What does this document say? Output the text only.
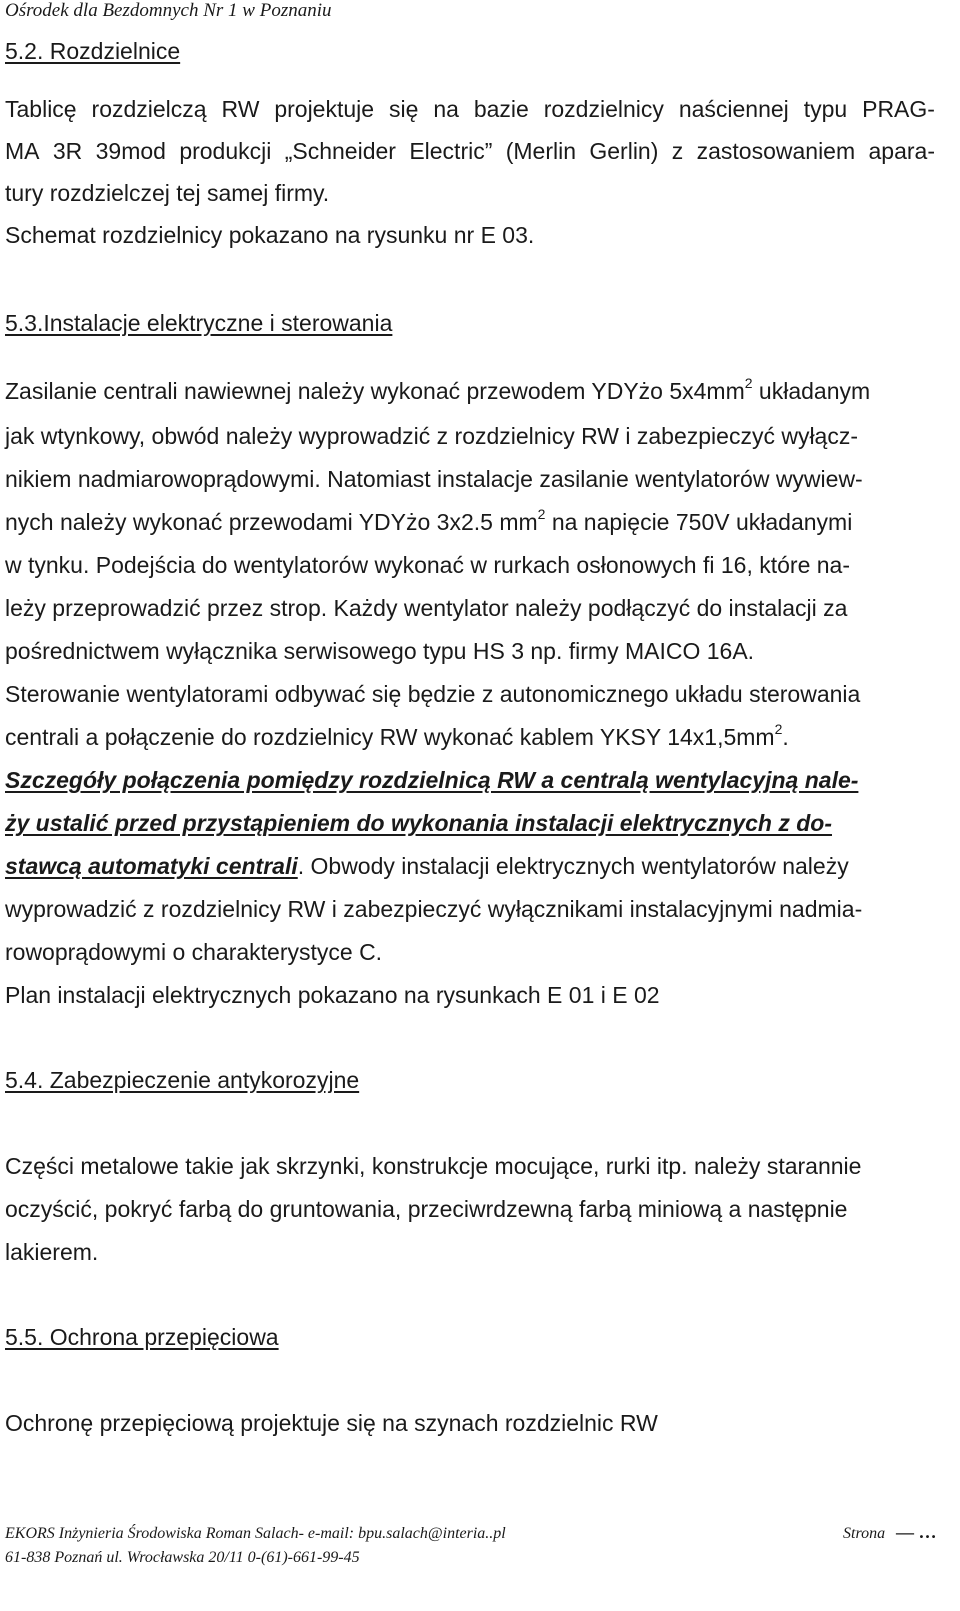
Ośrodek dla Bezdomnych Nr 1 w Poznaniu
5.2. Rozdzielnice
Tablicę rozdzielczą RW projektuje się na bazie rozdzielnicy naściennej typu PRAG-
MA 3R 39mod produkcji „Schneider Electric” (Merlin Gerlin) z zastosowaniem apara-
tury rozdzielczej tej samej firmy.
Schemat rozdzielnicy pokazano na rysunku nr E 03.
5.3.Instalacje elektryczne i sterowania
Zasilanie centrali nawiewnej należy wykonać przewodem YDYżo $5x4mm^2$ układanym
jak wtynkowy, obwód należy wyprowadzić z rozdzielnicy RW i zabezpieczyć wyłącz-
nikiem nadmiarowoprądowymi. Natomiast instalacje zasilanie wentylatorów wywiew-
nych należy wykonać przewodami YDYżo 3x2.5 $mm^2$ na napięcie 750V układanymi
w tynku. Podejścia do wentylatorów wykonać w rurkach osłonowych fi 16, które na-
leży przeprowadzić przez strop. Każdy wentylator należy podłączyć do instalacji za
pośrednictwem wyłącznika serwisowego typu HS 3 np. firmy MAICO 16A.
Sterowanie wentylatorami odbywać się będzie z autonomicznego układu sterowania
centrali a połączenie do rozdzielnicy RW wykonać kablem YKSY $14x1,5mm^2$.
Szczegóły połączenia pomiędzy rozdzielnicą RW a centralą wentylacyjną nale-
ży ustalić przed przystąpieniem do wykonania instalacji elektrycznych z do-
stawcą automatyki centrali. Obwody instalacji elektrycznych wentylatorów należy
wyprowadzić z rozdzielnicy RW i zabezpieczyć wyłącznikami instalacyjnymi nadmia-
rowoprądowymi o charakterystyce C.
Plan instalacji elektrycznych pokazano na rysunkach E 01 i E 02
5.4. Zabezpieczenie antykorozyjne
Części metalowe takie jak skrzynki, konstrukcje mocujące, rurki itp. należy starannie
oczyścić, pokryć farbą do gruntowania, przeciwrdzewną farbą miniową a następnie
lakierem.
5.5. Ochrona przepięciowa
Ochronę przepięciową projektuje się na szynach rozdzielnic RW
EKORS Inżynieria Środowiska Roman Salach- e-mail: bpu.salach@interia..pl
61-838 Poznań ul. Wrocławska 20/11 0-(61)-661-99-45
Strona — …
